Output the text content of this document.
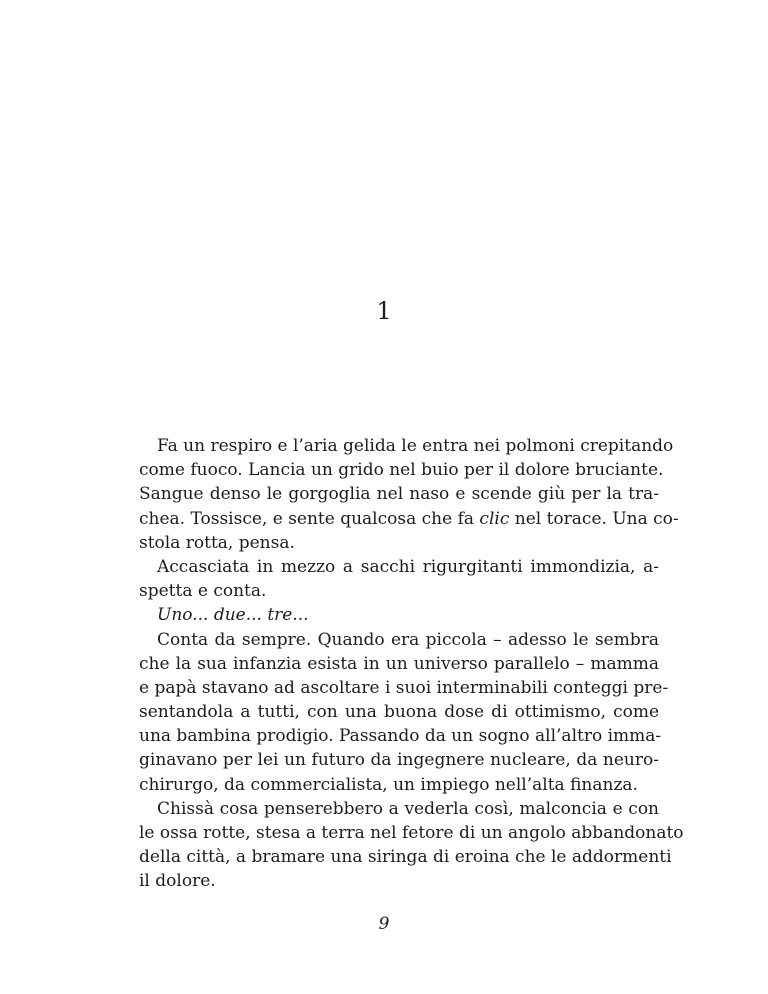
1
Fa un respiro e l’aria gelida le entra nei polmoni crepitando
come fuoco. Lancia un grido nel buio per il dolore bruciante.
Sangue denso le gorgoglia nel naso e scende giù per la tra-
chea. Tossisce, e sente qualcosa che fa clic nel torace. Una co-
stola rotta, pensa.
Accasciata in mezzo a sacchi rigurgitanti immondizia, a-
spetta e conta.
Uno... due... tre...
Conta da sempre. Quando era piccola – adesso le sembra
che la sua infanzia esista in un universo parallelo – mamma
e papà stavano ad ascoltare i suoi interminabili conteggi pre-
sentandola a tutti, con una buona dose di ottimismo, come
una bambina prodigio. Passando da un sogno all’altro imma-
ginavano per lei un futuro da ingegnere nucleare, da neuro-
chirurgo, da commercialista, un impiego nell’alta finanza.
Chissà cosa penserebbero a vederla così, malconcia e con
le ossa rotte, stesa a terra nel fetore di un angolo abbandonato
della città, a bramare una siringa di eroina che le addormenti
il dolore.
9
